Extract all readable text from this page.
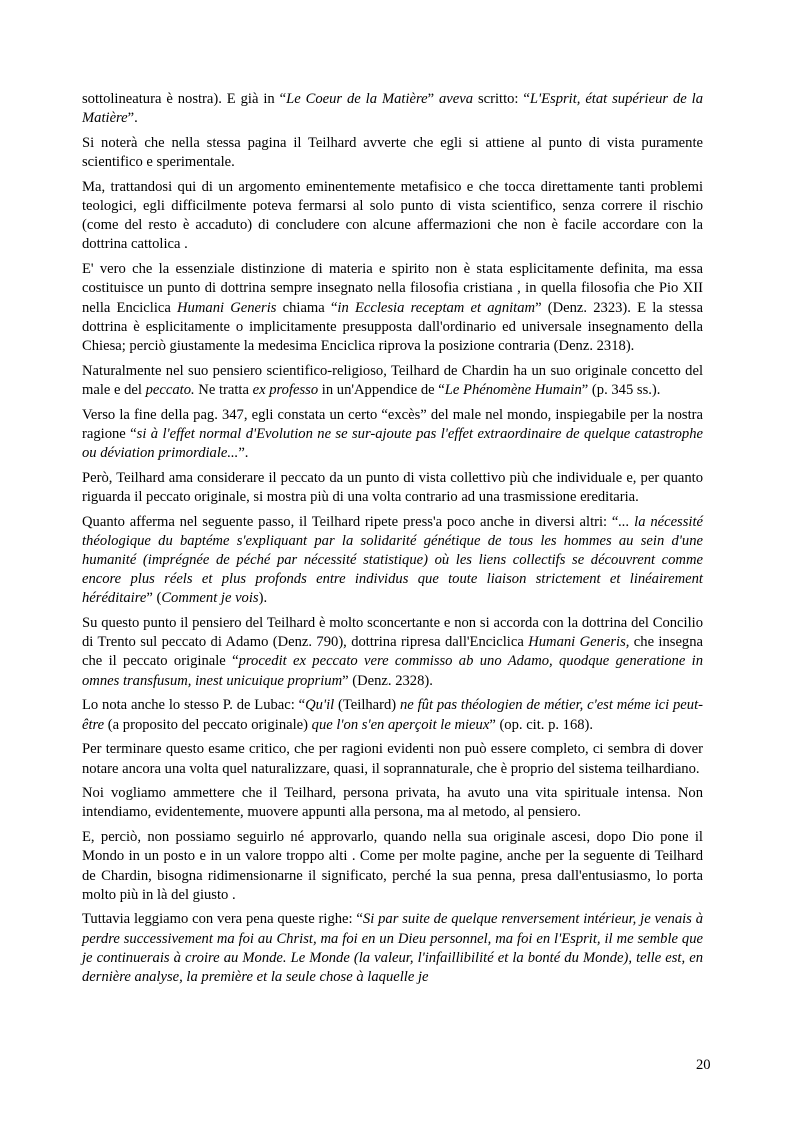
sottolineatura è nostra). E già in “Le Coeur de la Matière” aveva scritto: “L'Esprit, état supérieur de la Matière”.

Si noterà che nella stessa pagina il Teilhard avverte che egli si attiene al punto di vista puramente scientifico e sperimentale.

Ma, trattandosi qui di un argomento eminentemente metafisico e che tocca direttamente tanti problemi teologici, egli difficilmente poteva fermarsi al solo punto di vista scientifico, senza correre il rischio (come del resto è accaduto) di concludere con alcune affermazioni che non è facile accordare con la dottrina cattolica .

E' vero che la essenziale distinzione di materia e spirito non è stata esplicitamente definita, ma essa costituisce un punto di dottrina sempre insegnato nella filosofia cristiana , in quella filosofia che Pio XII nella Enciclica Humani Generis chiama “in Ecclesia receptam et agnitam” (Denz. 2323). E la stessa dottrina è esplicitamente o implicitamente presupposta dall'ordinario ed universale insegnamento della Chiesa; perciò giustamente la medesima Enciclica riprova la posizione contraria (Denz. 2318).

Naturalmente nel suo pensiero scientifico-religioso, Teilhard de Chardin ha un suo originale concetto del male e del peccato. Ne tratta ex professo in un'Appendice de “Le Phénomène Humain” (p. 345 ss.).

Verso la fine della pag. 347, egli constata un certo “excès” del male nel mondo, inspiegabile per la nostra ragione “si à l'effet normal d'Evolution ne se sur-ajoute pas l'effet extraordinaire de quelque catastrophe ou déviation primordiale...”.

Però, Teilhard ama considerare il peccato da un punto di vista collettivo più che individuale e, per quanto riguarda il peccato originale, si mostra più di una volta contrario ad una trasmissione ereditaria.

Quanto afferma nel seguente passo, il Teilhard ripete press'a poco anche in diversi altri: “... la nécessité théologique du baptéme s'expliquant par la solidarité génétique de tous les hommes au sein d'une humanité (imprégnée de péché par nécessité statistique) où les liens collectifs se découvrent comme encore plus réels et plus profonds entre individus que toute liaison strictement et linéairement héréditaire” (Comment je vois).

Su questo punto il pensiero del Teilhard è molto sconcertante e non si accorda con la dottrina del Concilio di Trento sul peccato di Adamo (Denz. 790), dottrina ripresa dall'Enciclica Humani Generis, che insegna che il peccato originale “procedit ex peccato vere commisso ab uno Adamo, quodque generatione in omnes transfusum, inest unicuique proprium” (Denz. 2328).

Lo nota anche lo stesso P. de Lubac: “Qu'il (Teilhard) ne fût pas théologien de métier, c'est méme ici peut-être (a proposito del peccato originale) que l'on s'en aperçoit le mieux” (op. cit. p. 168).

Per terminare questo esame critico, che per ragioni evidenti non può essere completo, ci sembra di dover notare ancora una volta quel naturalizzare, quasi, il soprannaturale, che è proprio del sistema teilhardiano.

Noi vogliamo ammettere che il Teilhard, persona privata, ha avuto una vita spirituale intensa. Non intendiamo, evidentemente, muovere appunti alla persona, ma al metodo, al pensiero.

E, perciò, non possiamo seguirlo né approvarlo, quando nella sua originale ascesi, dopo Dio pone il Mondo in un posto e in un valore troppo alti . Come per molte pagine, anche per la seguente di Teilhard de Chardin, bisogna ridimensionarne il significato, perché la sua penna, presa dall'entusiasmo, lo porta molto più in là del giusto .

Tuttavia leggiamo con vera pena queste righe: “Si par suite de quelque renversement intérieur, je venais à perdre successivement ma foi au Christ, ma foi en un Dieu personnel, ma foi en l'Esprit, il me semble que je continuerais à croire au Monde. Le Monde (la valeur, l'infaillibilité et la bonté du Monde), telle est, en dernière analyse, la première et la seule chose à laquelle je

20
